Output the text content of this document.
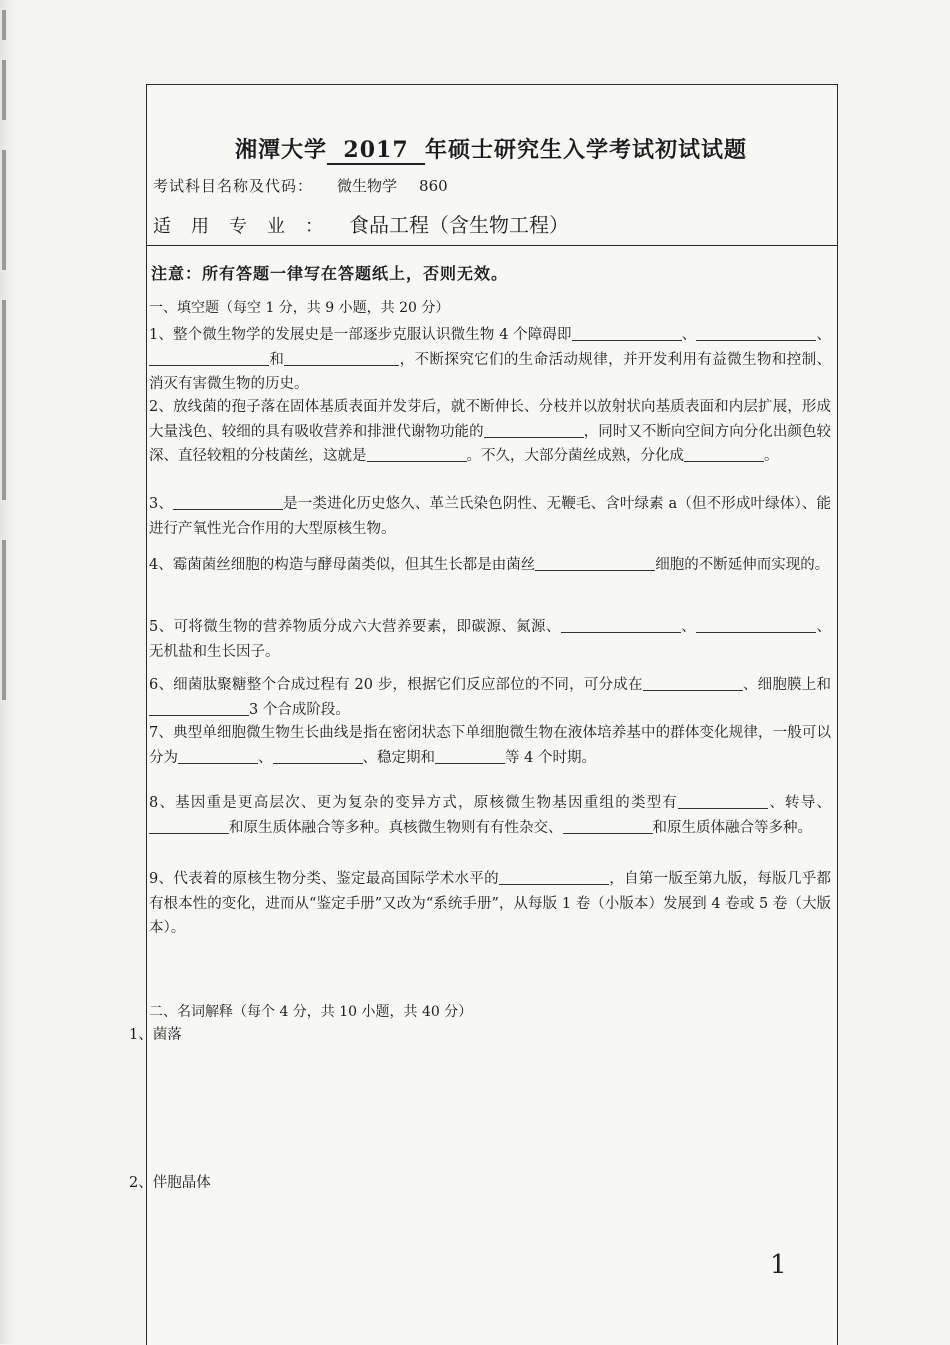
湘潭大学 2017 年硕士研究生入学考试初试试题
考试科目名称及代码： 微生物学 860
适用专业： 食品工程（含生物工程）
注意：所有答题一律写在答题纸上，否则无效。
一、填空题（每空 1 分，共 9 小题，共 20 分）
1、整个微生物学的发展史是一部逐步克服认识微生物 4 个障碍即	、	、和	，不断探究它们的生命活动规律，并开发利用有益微生物和控制、消灭有害微生物的历史。
2、放线菌的孢子落在固体基质表面并发芽后，就不断伸长、分枝并以放射状向基质表面和内层扩展，形成大量浅色、较细的具有吸收营养和排泄代谢物功能的	，同时又不断向空间方向分化出颜色较深、直径较粗的分枝菌丝，这就是	。不久，大部分菌丝成熟，分化成	。
3、	是一类进化历史悠久、革兰氏染色阴性、无鞭毛、含叶绿素 a（但不形成叶绿体）、能进行产氧性光合作用的大型原核生物。
4、霉菌菌丝细胞的构造与酵母菌类似，但其生长都是由菌丝	细胞的不断延伸而实现的。
5、可将微生物的营养物质分成六大营养要素，即碳源、氮源、	、	、无机盐和生长因子。
6、细菌肽聚糖整个合成过程有 20 步，根据它们反应部位的不同，可分成在	、细胞膜上和3 个合成阶段。
7、典型单细胞微生物生长曲线是指在密闭状态下单细胞微生物在液体培养基中的群体变化规律，一般可以分为	、	、稳定期和	等 4 个时期。
8、基因重是更高层次、更为复杂的变异方式，原核微生物基因重组的类型有	、转导、和原生质体融合等多种。真核微生物则有有性杂交、	和原生质体融合等多种。
9、代表着的原核生物分类、鉴定最高国际学术水平的	，自第一版至第九版，每版几乎都有根本性的变化，进而从“鉴定手册”又改为“系统手册”，从每版 1 卷（小版本）发展到 4 卷或 5 卷（大版本）。
二、名词解释（每个 4 分，共 10 小题，共 40 分）
1、菌落
2、伴胞晶体
1
